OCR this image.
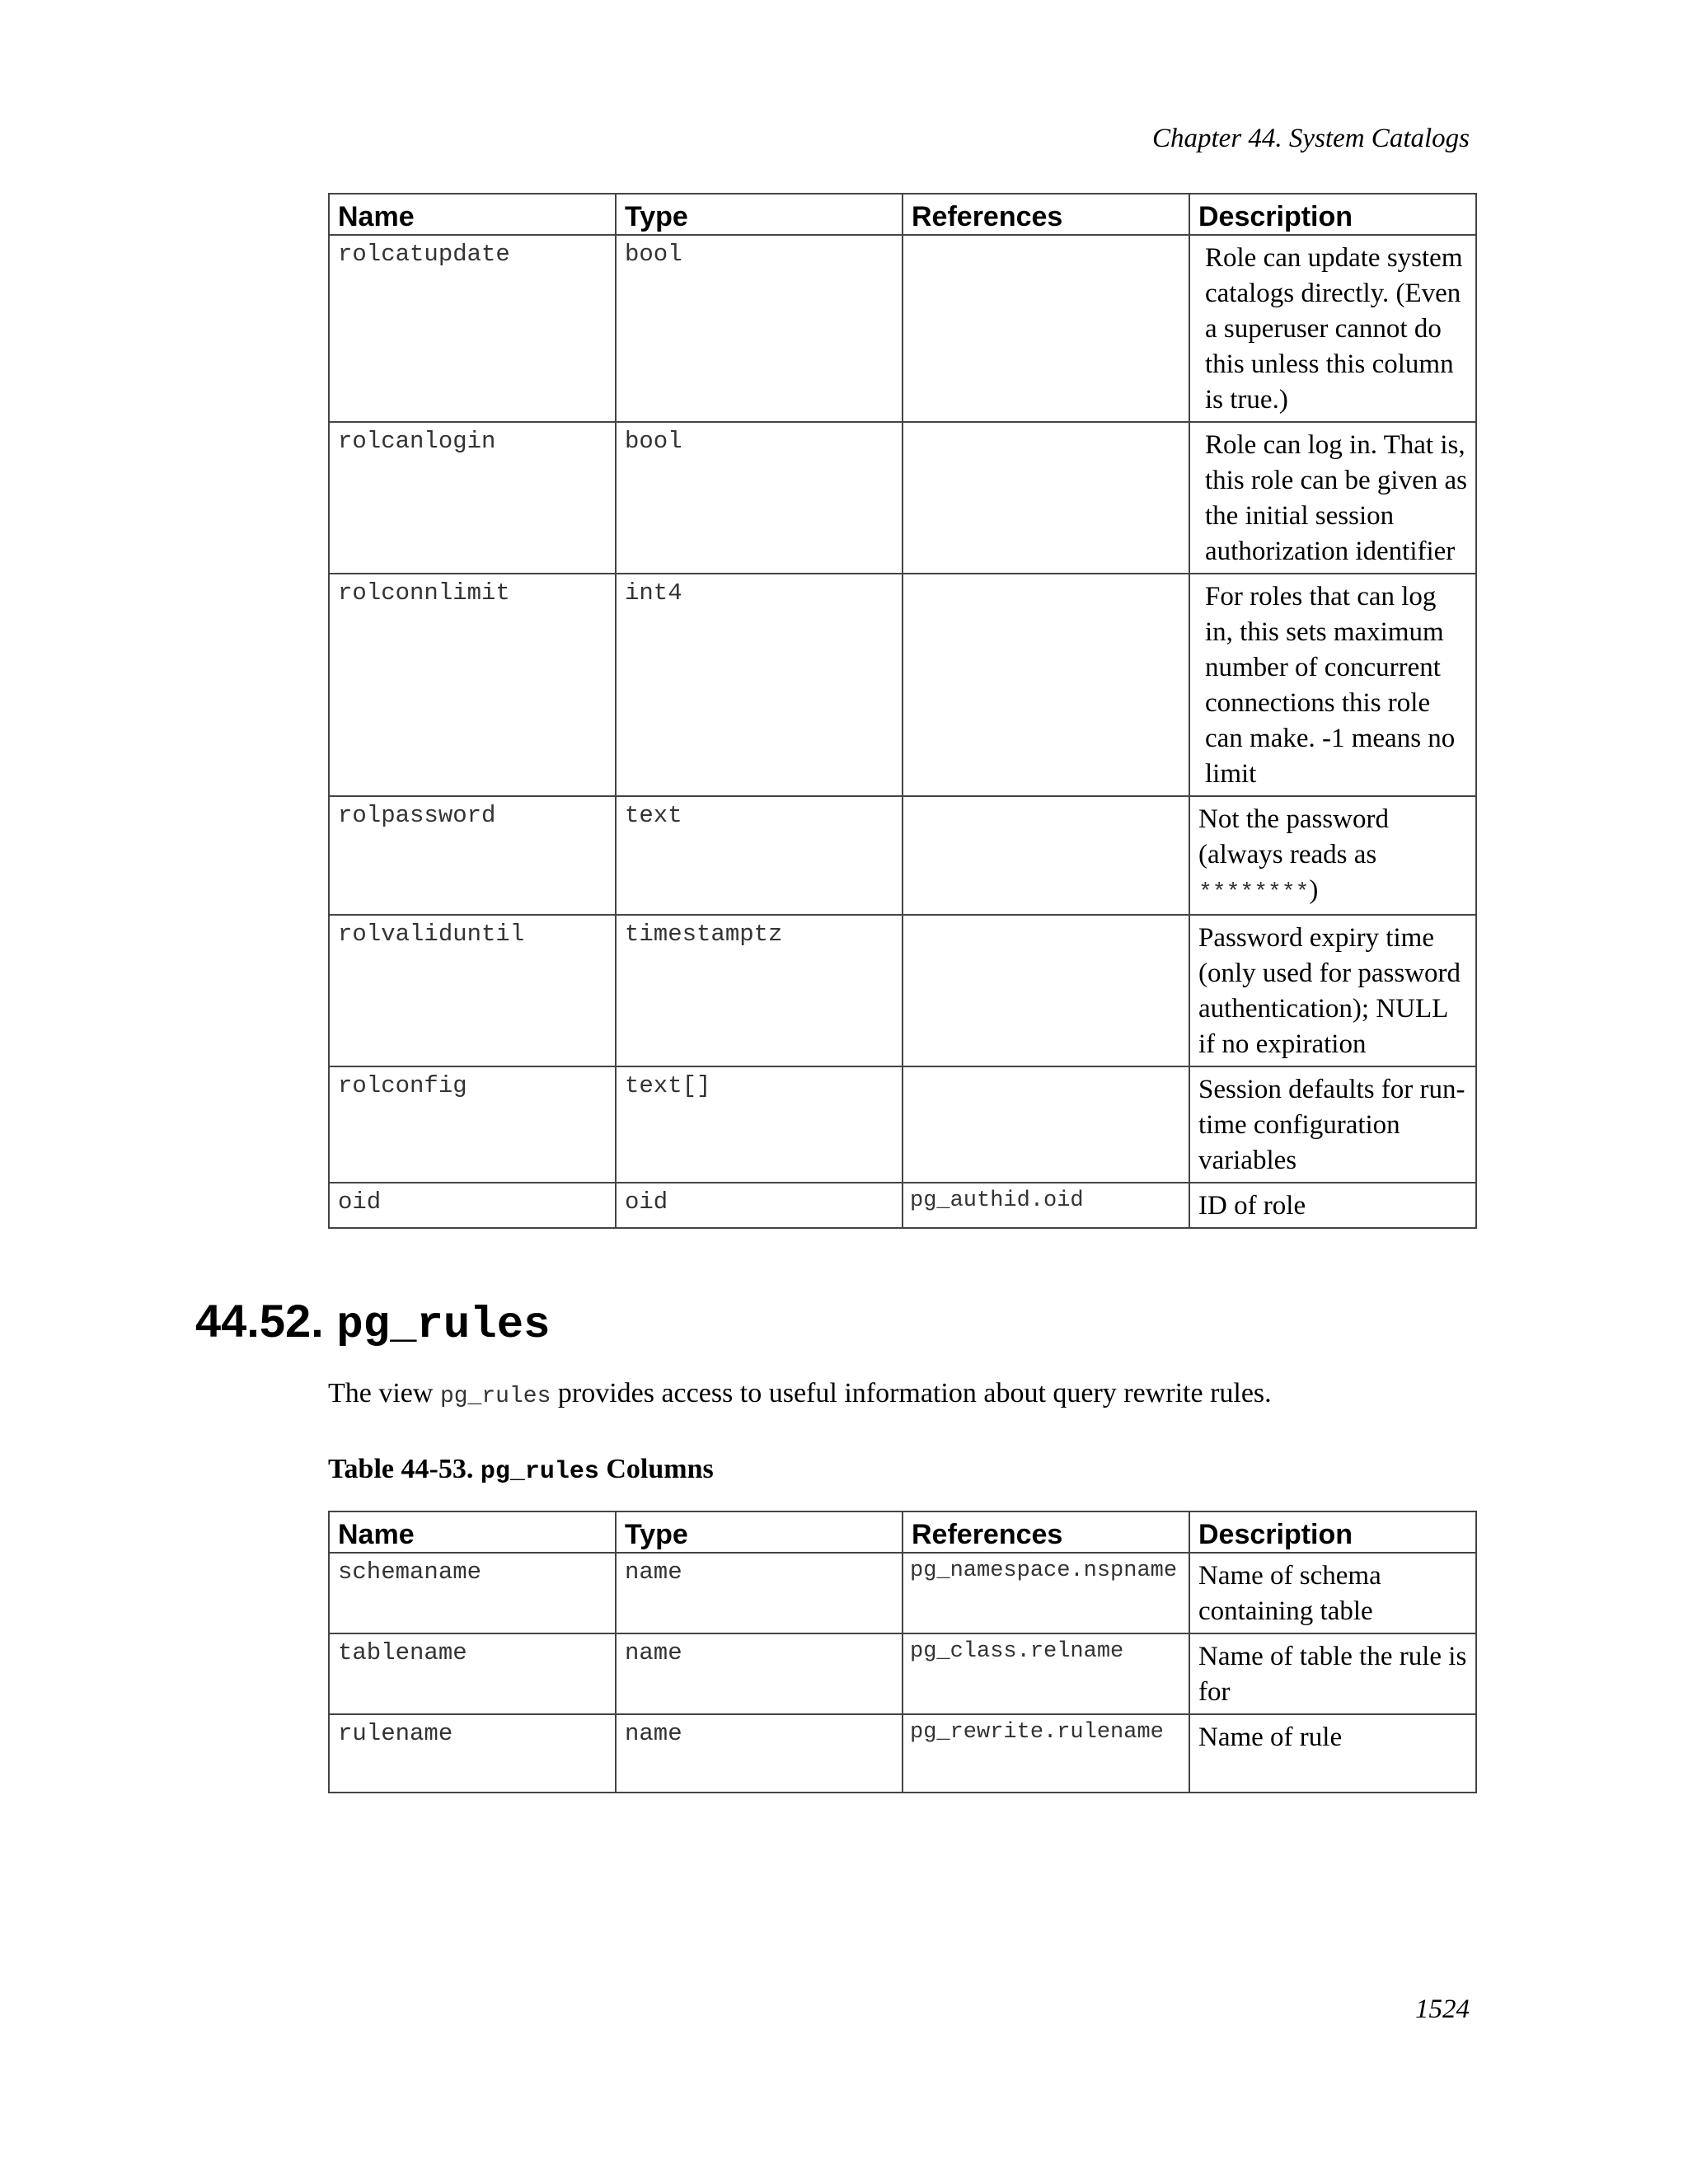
Chapter 44. System Catalogs
Name	Type	References	Description
rolcatupdate	bool		Role can update system catalogs directly. (Even a superuser cannot do this unless this column is true.)
rolcanlogin	bool		Role can log in. That is, this role can be given as the initial session authorization identifier
rolconnlimit	int4		For roles that can log in, this sets maximum number of concurrent connections this role can make. -1 means no limit
rolpassword	text		Not the password (always reads as ********)
rolvaliduntil	timestamptz		Password expiry time (only used for password authentication); NULL if no expiration
rolconfig	text[]		Session defaults for run-time configuration variables
oid	oid	pg_authid.oid	ID of role
44.52. pg_rules
The view pg_rules provides access to useful information about query rewrite rules.
Table 44-53. pg_rules Columns
Name	Type	References	Description
schemaname	name	pg_namespace.nspname	Name of schema containing table
tablename	name	pg_class.relname	Name of table the rule is for
rulename	name	pg_rewrite.rulename	Name of rule
1524
